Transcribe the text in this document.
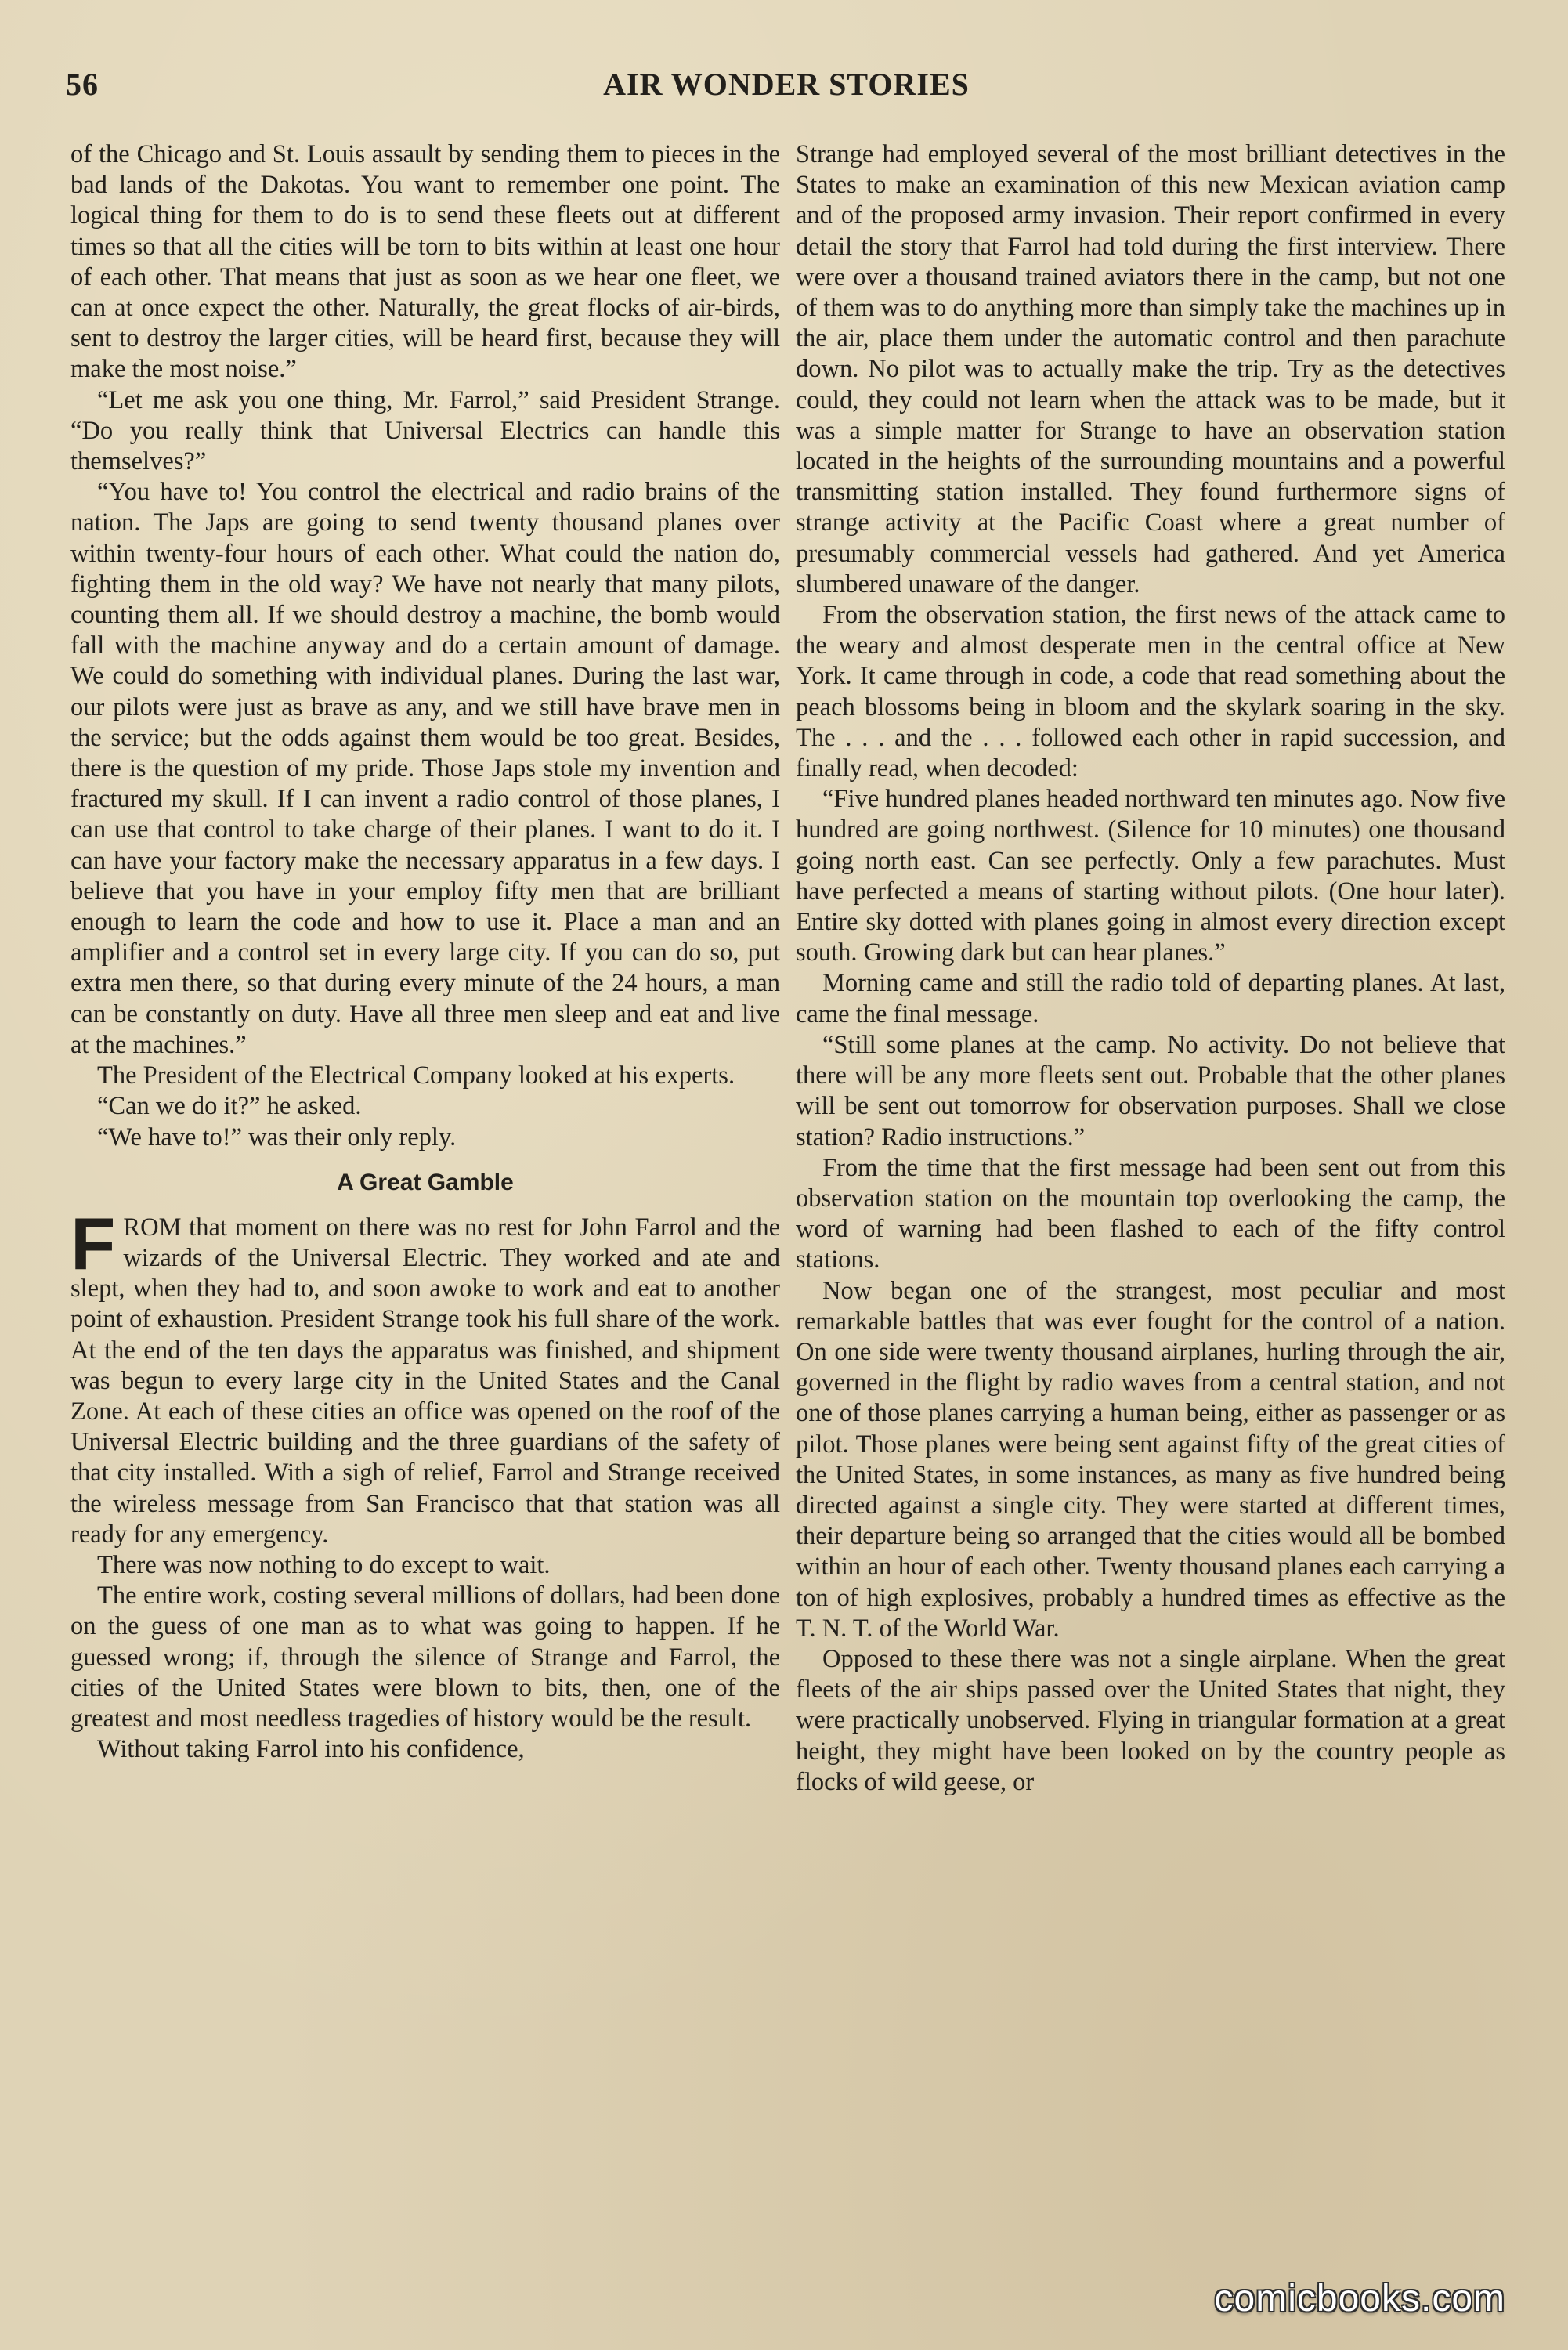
56	AIR WONDER STORIES

of the Chicago and St. Louis assault by sending them to pieces in the bad lands of the Dakotas. You want to remember one point. The logical thing for them to do is to send these fleets out at different times so that all the cities will be torn to bits within at least one hour of each other. That means that just as soon as we hear one fleet, we can at once expect the other. Naturally, the great flocks of air-birds, sent to destroy the larger cities, will be heard first, because they will make the most noise.”

“Let me ask you one thing, Mr. Farrol,” said President Strange. “Do you really think that Universal Electrics can handle this themselves?”

“You have to! You control the electrical and radio brains of the nation. The Japs are going to send twenty thousand planes over within twenty-four hours of each other. What could the nation do, fighting them in the old way? We have not nearly that many pilots, counting them all. If we should destroy a machine, the bomb would fall with the machine anyway and do a certain amount of damage. We could do something with individual planes. During the last war, our pilots were just as brave as any, and we still have brave men in the service; but the odds against them would be too great. Besides, there is the question of my pride. Those Japs stole my invention and fractured my skull. If I can invent a radio control of those planes, I can use that control to take charge of their planes. I want to do it. I can have your factory make the necessary apparatus in a few days. I believe that you have in your employ fifty men that are brilliant enough to learn the code and how to use it. Place a man and an amplifier and a control set in every large city. If you can do so, put extra men there, so that during every minute of the 24 hours, a man can be constantly on duty. Have all three men sleep and eat and live at the machines.”

The President of the Electrical Company looked at his experts.

“Can we do it?” he asked.

“We have to!” was their only reply.

A Great Gamble

FROM that moment on there was no rest for John Farrol and the wizards of the Universal Electric. They worked and ate and slept, when they had to, and soon awoke to work and eat to another point of exhaustion. President Strange took his full share of the work. At the end of the ten days the apparatus was finished, and shipment was begun to every large city in the United States and the Canal Zone. At each of these cities an office was opened on the roof of the Universal Electric building and the three guardians of the safety of that city installed. With a sigh of relief, Farrol and Strange received the wireless message from San Francisco that that station was all ready for any emergency.

There was now nothing to do except to wait.

The entire work, costing several millions of dollars, had been done on the guess of one man as to what was going to happen. If he guessed wrong; if, through the silence of Strange and Farrol, the cities of the United States were blown to bits, then, one of the greatest and most needless tragedies of history would be the result.

Without taking Farrol into his confidence,

Strange had employed several of the most brilliant detectives in the States to make an examination of this new Mexican aviation camp and of the proposed army invasion. Their report confirmed in every detail the story that Farrol had told during the first interview. There were over a thousand trained aviators there in the camp, but not one of them was to do anything more than simply take the machines up in the air, place them under the automatic control and then parachute down. No pilot was to actually make the trip. Try as the detectives could, they could not learn when the attack was to be made, but it was a simple matter for Strange to have an observation station located in the heights of the surrounding mountains and a powerful transmitting station installed. They found furthermore signs of strange activity at the Pacific Coast where a great number of presumably commercial vessels had gathered. And yet America slumbered unaware of the danger.

From the observation station, the first news of the attack came to the weary and almost desperate men in the central office at New York. It came through in code, a code that read something about the peach blossoms being in bloom and the skylark soaring in the sky. The . . . and the . . . followed each other in rapid succession, and finally read, when decoded:

“Five hundred planes headed northward ten minutes ago. Now five hundred are going northwest. (Silence for 10 minutes) one thousand going north east. Can see perfectly. Only a few parachutes. Must have perfected a means of starting without pilots. (One hour later). Entire sky dotted with planes going in almost every direction except south. Growing dark but can hear planes.”

Morning came and still the radio told of departing planes. At last, came the final message.

“Still some planes at the camp. No activity. Do not believe that there will be any more fleets sent out. Probable that the other planes will be sent out tomorrow for observation purposes. Shall we close station? Radio instructions.”

From the time that the first message had been sent out from this observation station on the mountain top overlooking the camp, the word of warning had been flashed to each of the fifty control stations.

Now began one of the strangest, most peculiar and most remarkable battles that was ever fought for the control of a nation. On one side were twenty thousand airplanes, hurling through the air, governed in the flight by radio waves from a central station, and not one of those planes carrying a human being, either as passenger or as pilot. Those planes were being sent against fifty of the great cities of the United States, in some instances, as many as five hundred being directed against a single city. They were started at different times, their departure being so arranged that the cities would all be bombed within an hour of each other. Twenty thousand planes each carrying a ton of high explosives, probably a hundred times as effective as the T. N. T. of the World War.

Opposed to these there was not a single airplane. When the great fleets of the air ships passed over the United States that night, they were practically unobserved. Flying in triangular formation at a great height, they might have been looked on by the country people as flocks of wild geese, or

comicbooks.com
